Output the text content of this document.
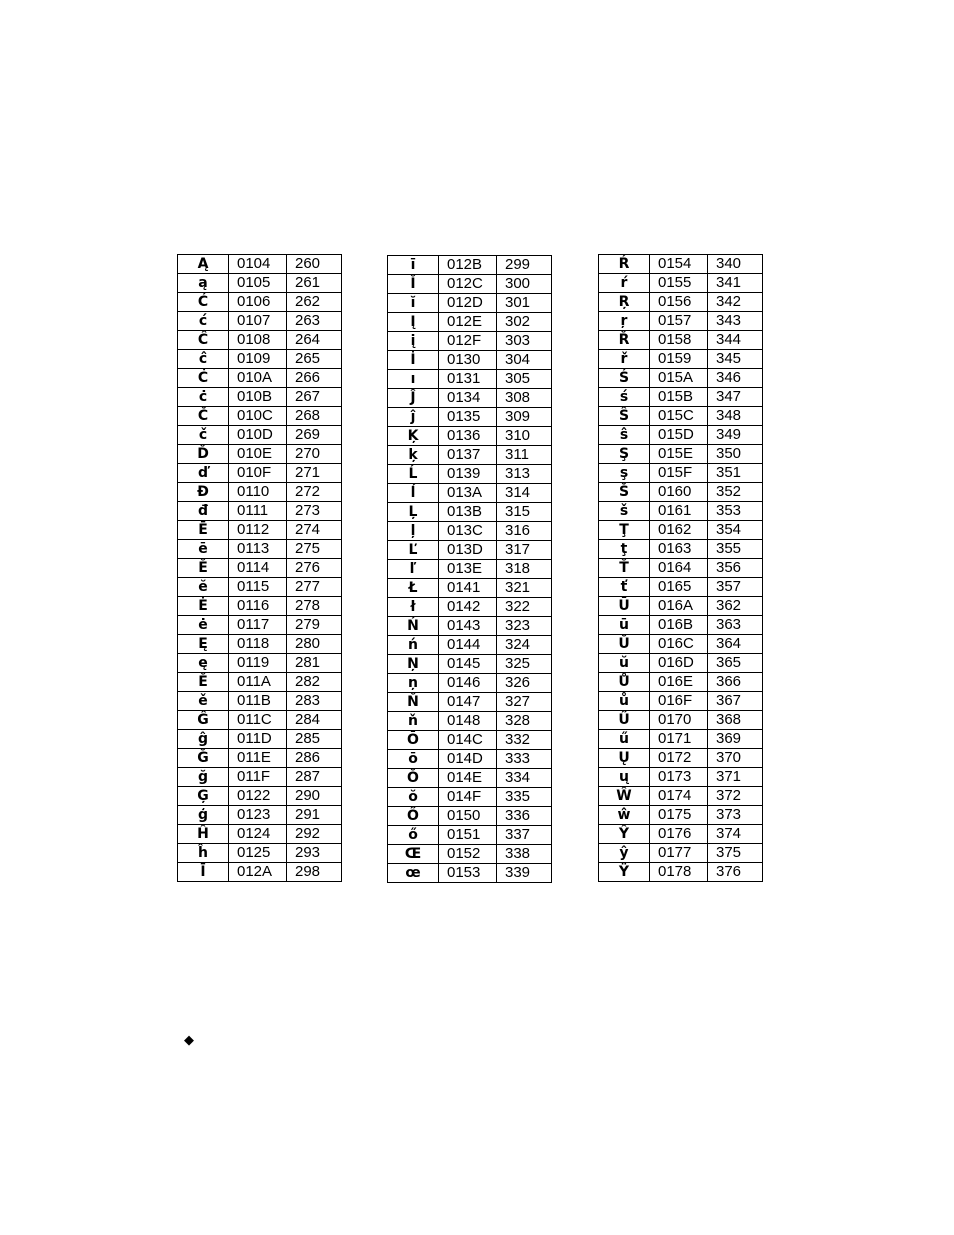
Ą	0104	260
ą	0105	261
Ć	0106	262
ć	0107	263
Ĉ	0108	264
ĉ	0109	265
Ċ	010A	266
ċ	010B	267
Č	010C	268
č	010D	269
Ď	010E	270
ď	010F	271
Đ	0110	272
đ	0111	273
Ē	0112	274
ē	0113	275
Ĕ	0114	276
ĕ	0115	277
Ė	0116	278
ė	0117	279
Ę	0118	280
ę	0119	281
Ě	011A	282
ě	011B	283
Ĝ	011C	284
ĝ	011D	285
Ğ	011E	286
ğ	011F	287
Ģ	0122	290
ģ	0123	291
Ĥ	0124	292
ĥ	0125	293
Ī	012A	298
ī	012B	299
Ĭ	012C	300
ĭ	012D	301
Į	012E	302
į	012F	303
İ	0130	304
ı	0131	305
Ĵ	0134	308
ĵ	0135	309
Ķ	0136	310
ķ	0137	311
Ĺ	0139	313
ĺ	013A	314
Ļ	013B	315
ļ	013C	316
Ľ	013D	317
ľ	013E	318
Ł	0141	321
ł	0142	322
Ń	0143	323
ń	0144	324
Ņ	0145	325
ņ	0146	326
Ň	0147	327
ň	0148	328
Ō	014C	332
ō	014D	333
Ŏ	014E	334
ŏ	014F	335
Ő	0150	336
ő	0151	337
Œ	0152	338
œ	0153	339
Ŕ	0154	340
ŕ	0155	341
Ŗ	0156	342
ŗ	0157	343
Ř	0158	344
ř	0159	345
Ś	015A	346
ś	015B	347
Ŝ	015C	348
ŝ	015D	349
Ş	015E	350
ş	015F	351
Š	0160	352
š	0161	353
Ţ	0162	354
ţ	0163	355
Ť	0164	356
ť	0165	357
Ū	016A	362
ū	016B	363
Ŭ	016C	364
ŭ	016D	365
Ů	016E	366
ů	016F	367
Ű	0170	368
ű	0171	369
Ų	0172	370
ų	0173	371
Ŵ	0174	372
ŵ	0175	373
Ŷ	0176	374
ŷ	0177	375
Ÿ	0178	376
◆
